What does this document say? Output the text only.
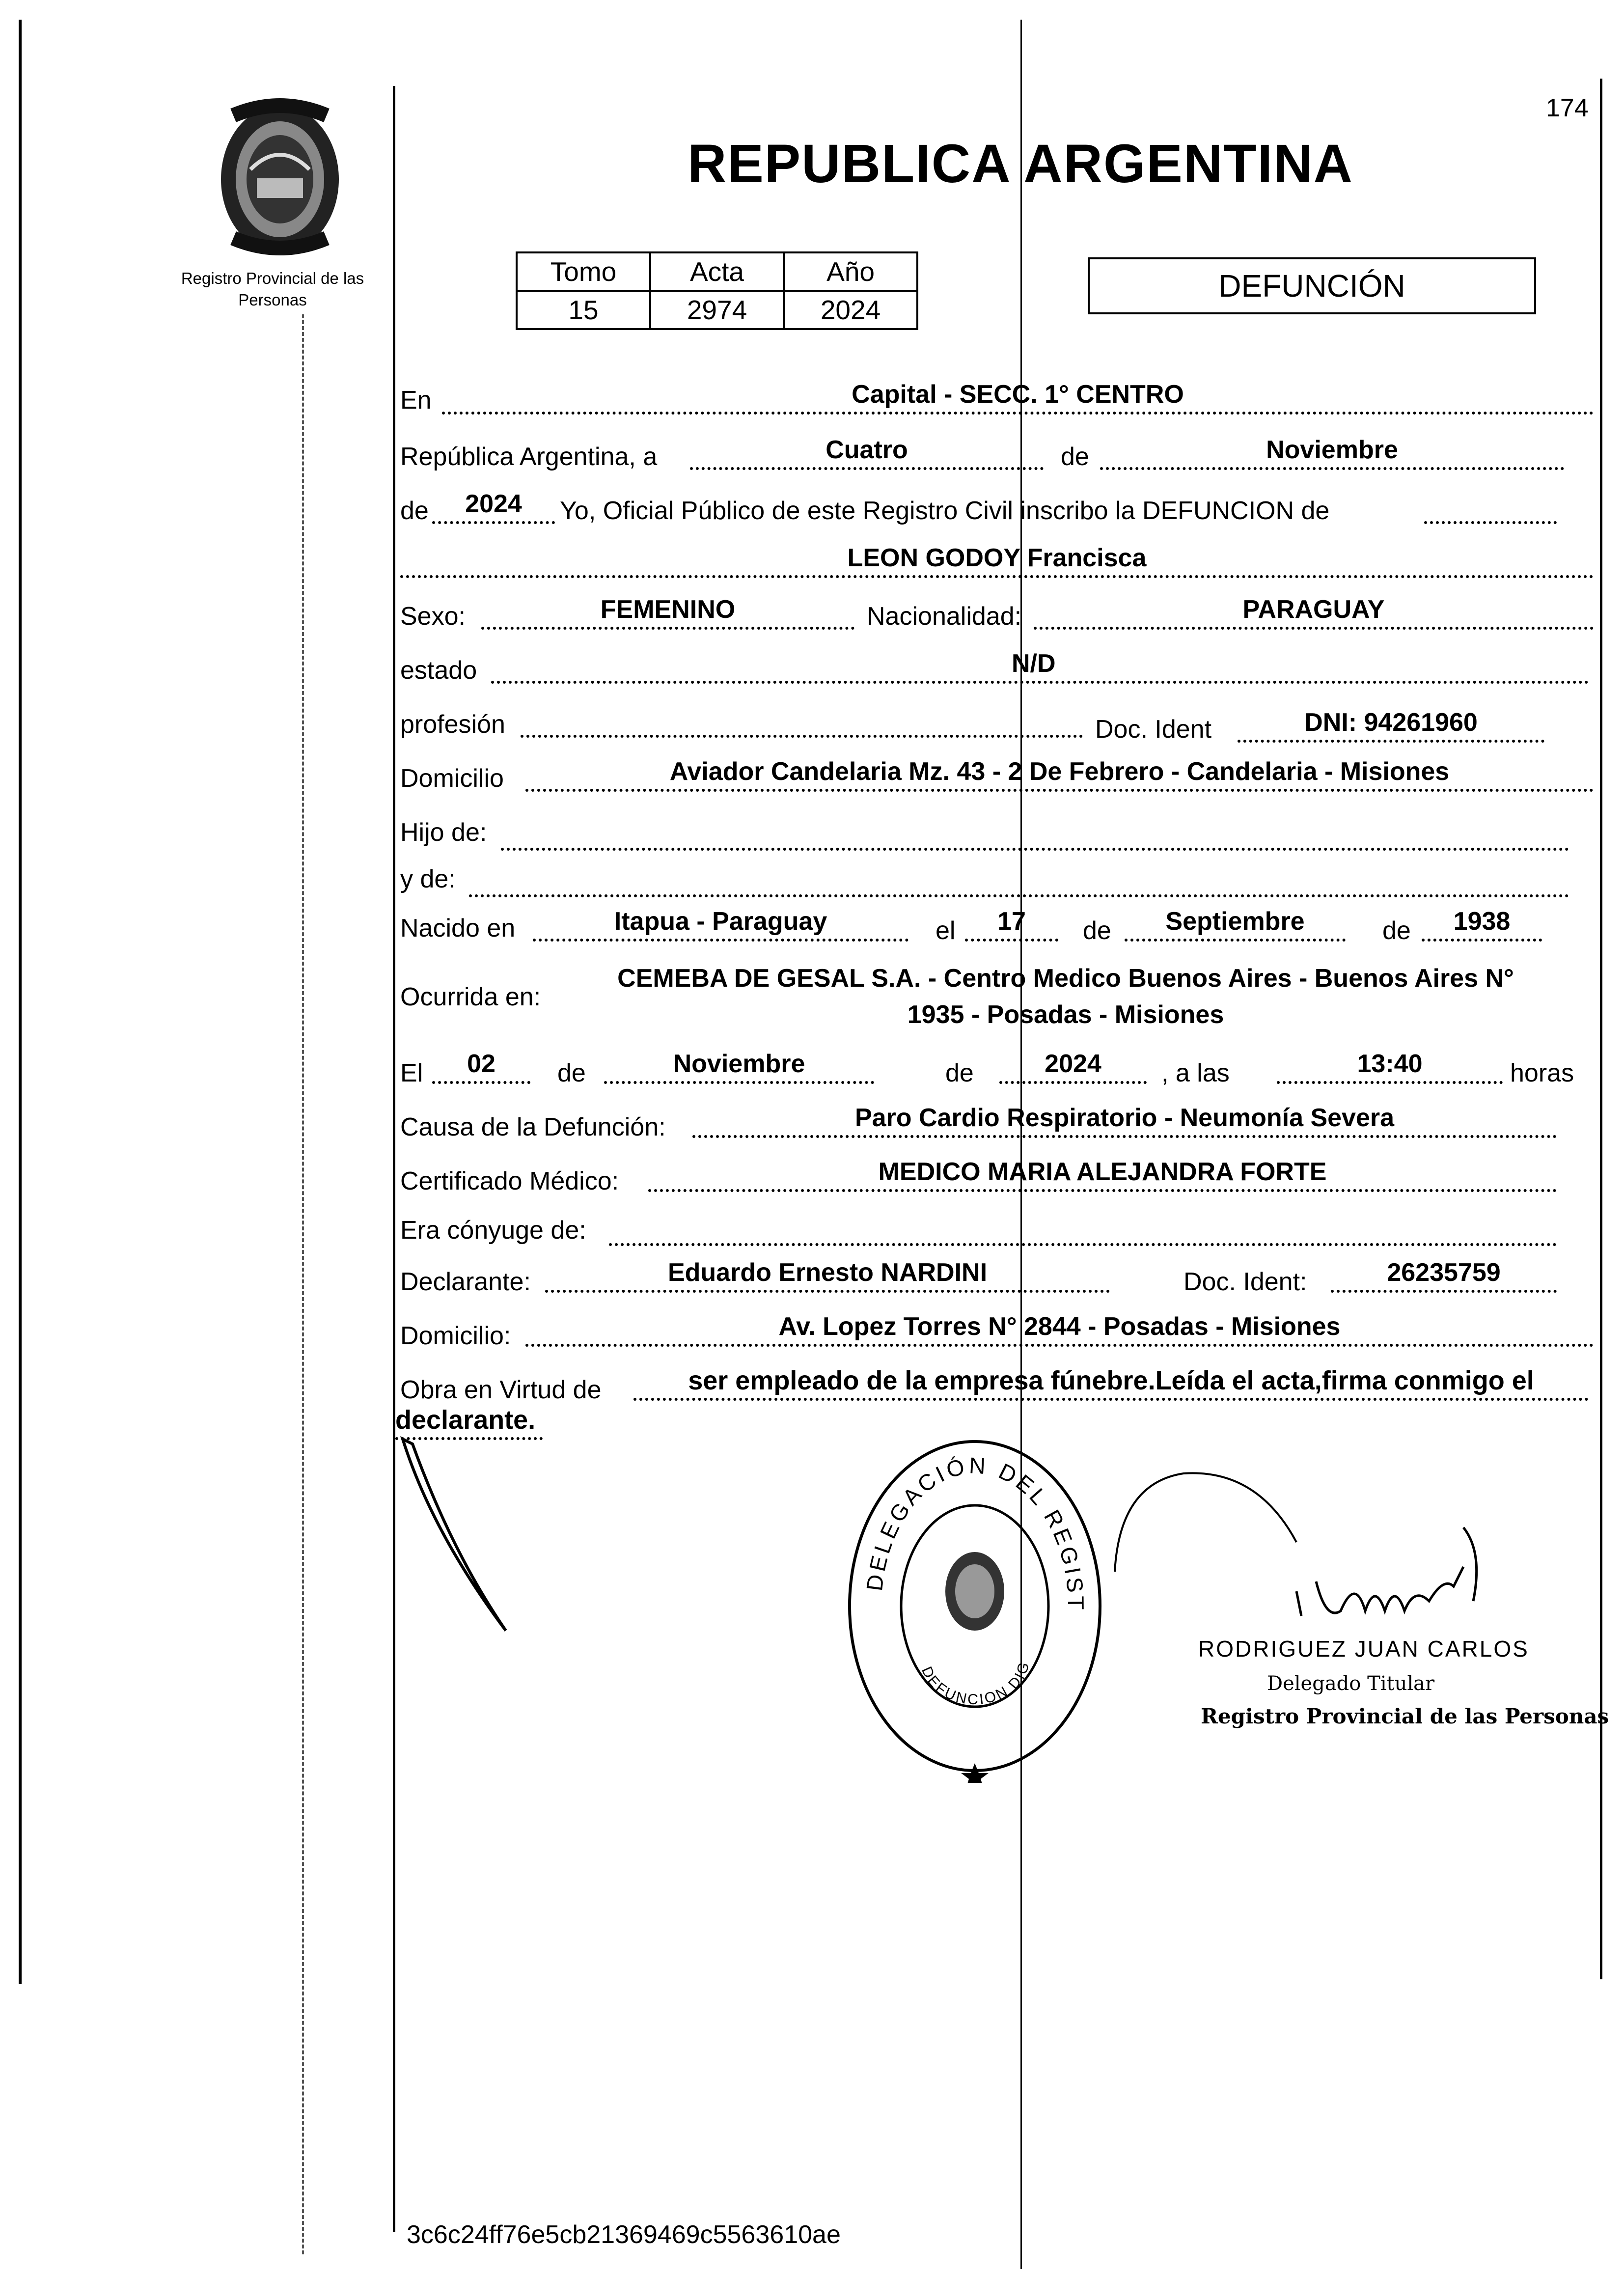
174
Registro Provincial de las Personas
REPUBLICA ARGENTINA
Tomo	Acta	Año
15	2974	2024
DEFUNCIÓN
En	Capital - SECC. 1° CENTRO
República Argentina, a	Cuatro	de	Noviembre
de	2024	Yo, Oficial Público de este Registro Civil inscribo la DEFUNCION de
LEON GODOY Francisca
Sexo:	FEMENINO	Nacionalidad:	PARAGUAY
estado	N/D
profesión	Doc. Ident	DNI: 94261960
Domicilio	Aviador Candelaria Mz. 43 - 2 De Febrero - Candelaria - Misiones
Hijo de:
y de:
Nacido en	Itapua - Paraguay	el	17	de	Septiembre	de	1938
Ocurrida en:
CEMEBA DE GESAL S.A. - Centro Medico Buenos Aires - Buenos Aires N°
1935 - Posadas - Misiones
El	02	de	Noviembre	de	2024	, a las	13:40	horas
Causa de la Defunción:	Paro Cardio Respiratorio - Neumonía Severa
Certificado Médico:	MEDICO MARIA ALEJANDRA FORTE
Era cónyuge de:
Declarante:	Eduardo Ernesto NARDINI	Doc. Ident:	26235759
Domicilio:	Av. Lopez Torres N° 2844 - Posadas - Misiones
Obra en Virtud de	ser empleado de la empresa fúnebre.Leída el acta,firma conmigo el
declarante.
DELEGACIÓN DEL REGIST
DEFUNCION DIG
RODRIGUEZ JUAN CARLOS
Delegado Titular
Registro Provincial de las Personas
3c6c24ff76e5cb21369469c5563610ae
